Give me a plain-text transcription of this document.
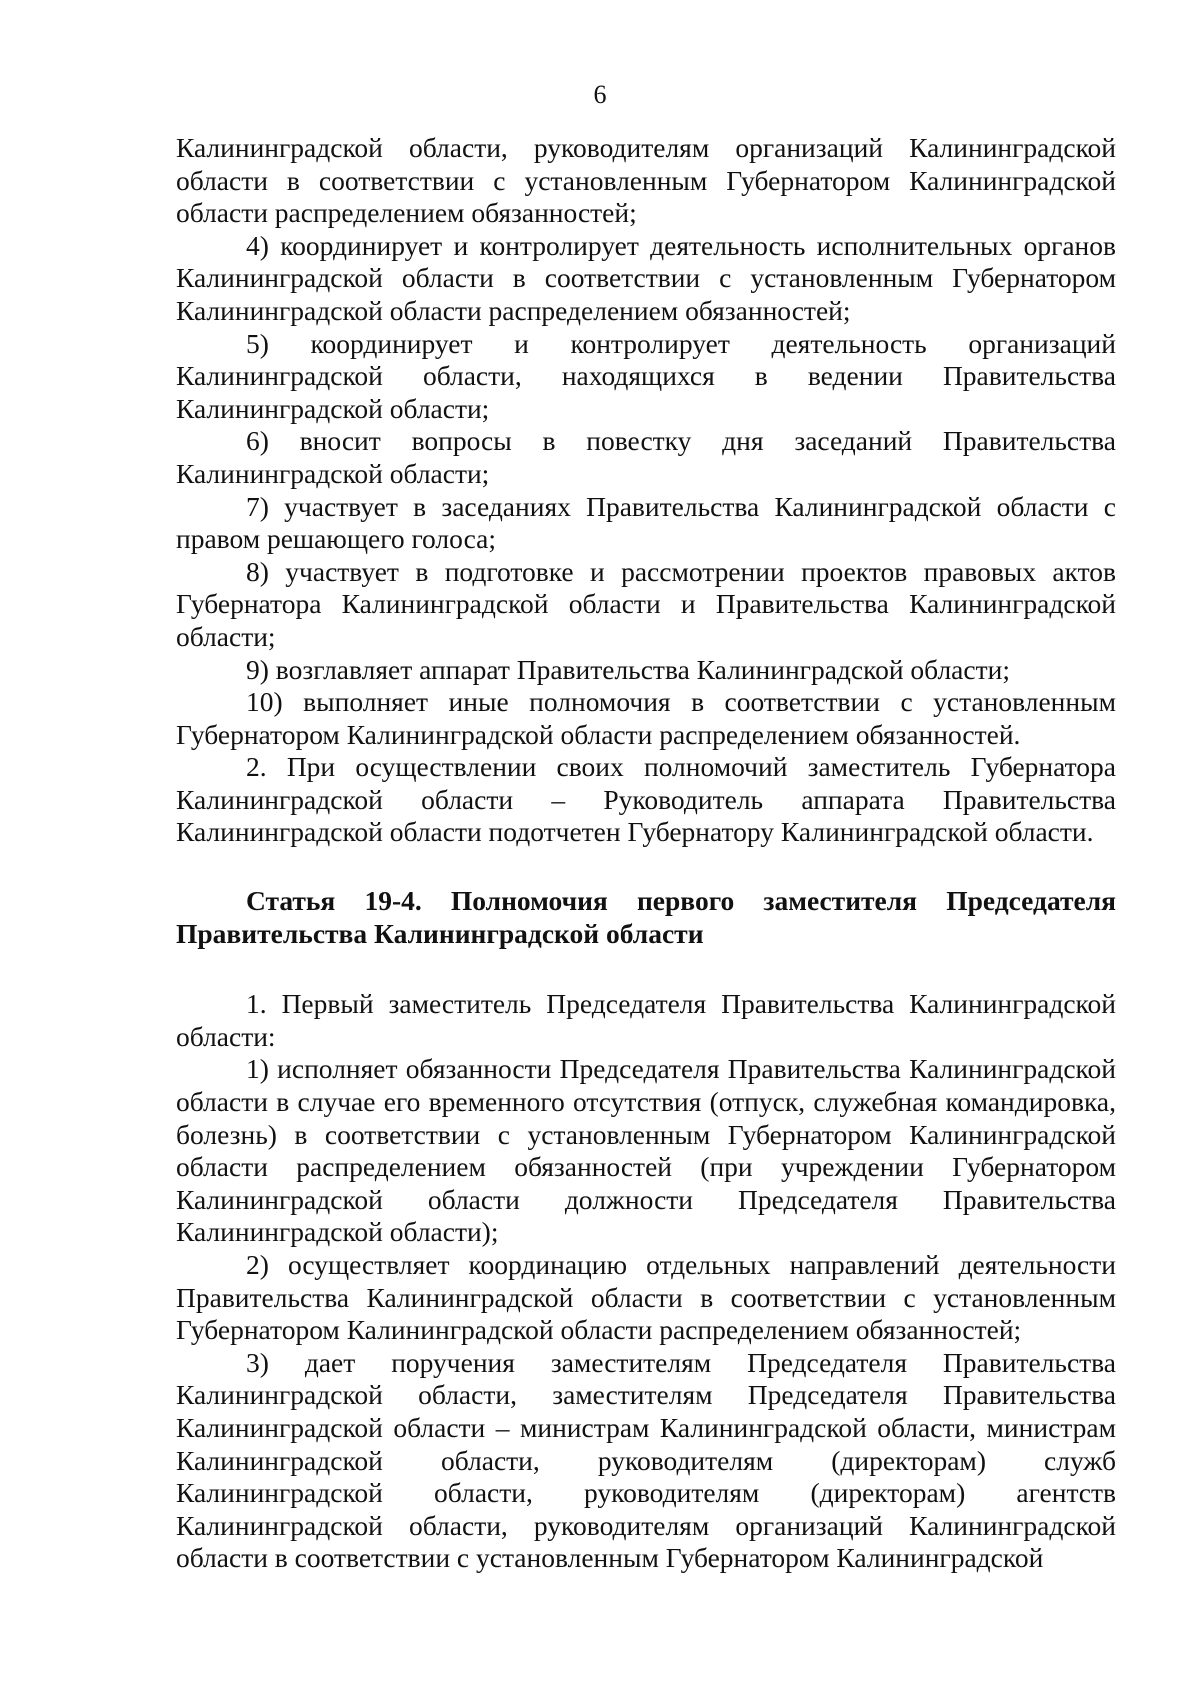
6

Калининградской области, руководителям организаций Калининградской области в соответствии с установленным Губернатором Калининградской области распределением обязанностей;

4) координирует и контролирует деятельность исполнительных органов Калининградской области в соответствии с установленным Губернатором Калининградской области распределением обязанностей;

5) координирует и контролирует деятельность организаций Калининградской области, находящихся в ведении Правительства Калининградской области;

6) вносит вопросы в повестку дня заседаний Правительства Калининградской области;

7) участвует в заседаниях Правительства Калининградской области с правом решающего голоса;

8) участвует в подготовке и рассмотрении проектов правовых актов Губернатора Калининградской области и Правительства Калининградской области;

9) возглавляет аппарат Правительства Калининградской области;

10) выполняет иные полномочия в соответствии с установленным Губернатором Калининградской области распределением обязанностей.

2. При осуществлении своих полномочий заместитель Губернатора Калининградской области – Руководитель аппарата Правительства Калининградской области подотчетен Губернатору Калининградской области.

Статья 19-4. Полномочия первого заместителя Председателя Правительства Калининградской области

1. Первый заместитель Председателя Правительства Калининградской области:

1) исполняет обязанности Председателя Правительства Калининградской области в случае его временного отсутствия (отпуск, служебная командировка, болезнь) в соответствии с установленным Губернатором Калининградской области распределением обязанностей (при учреждении Губернатором Калининградской области должности Председателя Правительства Калининградской области);

2) осуществляет координацию отдельных направлений деятельности Правительства Калининградской области в соответствии с установленным Губернатором Калининградской области распределением обязанностей;

3) дает поручения заместителям Председателя Правительства Калининградской области, заместителям Председателя Правительства Калининградской области – министрам Калининградской области, министрам Калининградской области, руководителям (директорам) служб Калининградской области, руководителям (директорам) агентств Калининградской области, руководителям организаций Калининградской области в соответствии с установленным Губернатором Калининградской
